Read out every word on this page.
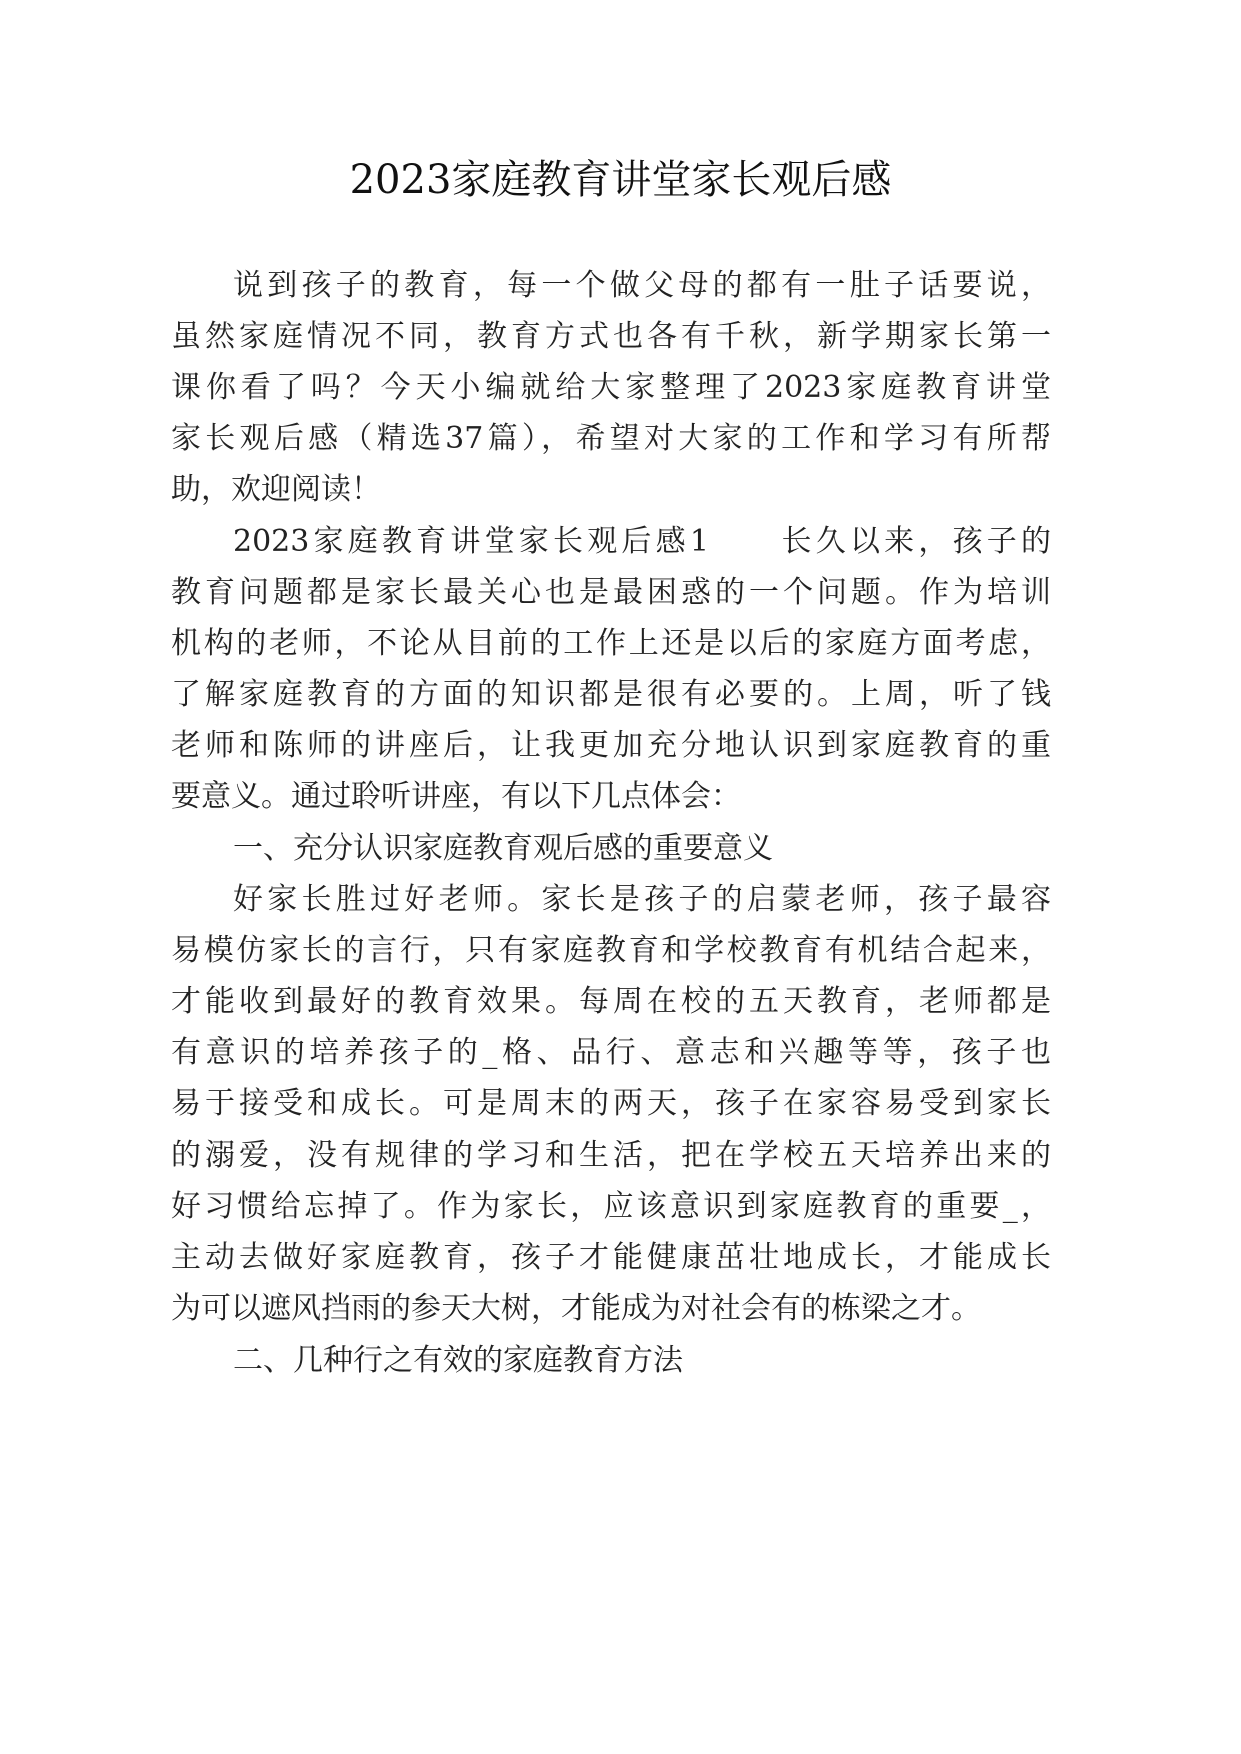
2023家庭教育讲堂家长观后感
说到孩子的教育，每一个做父母的都有一肚子话要说，
虽然家庭情况不同，教育方式也各有千秋，新学期家长第一
课你看了吗？今天小编就给大家整理了2023家庭教育讲堂
家长观后感（精选37篇），希望对大家的工作和学习有所帮
助，欢迎阅读！
2023家庭教育讲堂家长观后感1　　长久以来，孩子的
教育问题都是家长最关心也是最困惑的一个问题。作为培训
机构的老师，不论从目前的工作上还是以后的家庭方面考虑，
了解家庭教育的方面的知识都是很有必要的。上周，听了钱
老师和陈师的讲座后，让我更加充分地认识到家庭教育的重
要意义。通过聆听讲座，有以下几点体会：
一、充分认识家庭教育观后感的重要意义
好家长胜过好老师。家长是孩子的启蒙老师，孩子最容
易模仿家长的言行，只有家庭教育和学校教育有机结合起来，
才能收到最好的教育效果。每周在校的五天教育，老师都是
有意识的培养孩子的_格、品行、意志和兴趣等等，孩子也
易于接受和成长。可是周末的两天，孩子在家容易受到家长
的溺爱，没有规律的学习和生活，把在学校五天培养出来的
好习惯给忘掉了。作为家长，应该意识到家庭教育的重要_，
主动去做好家庭教育，孩子才能健康茁壮地成长，才能成长
为可以遮风挡雨的参天大树，才能成为对社会有的栋梁之才。
二、几种行之有效的家庭教育方法
